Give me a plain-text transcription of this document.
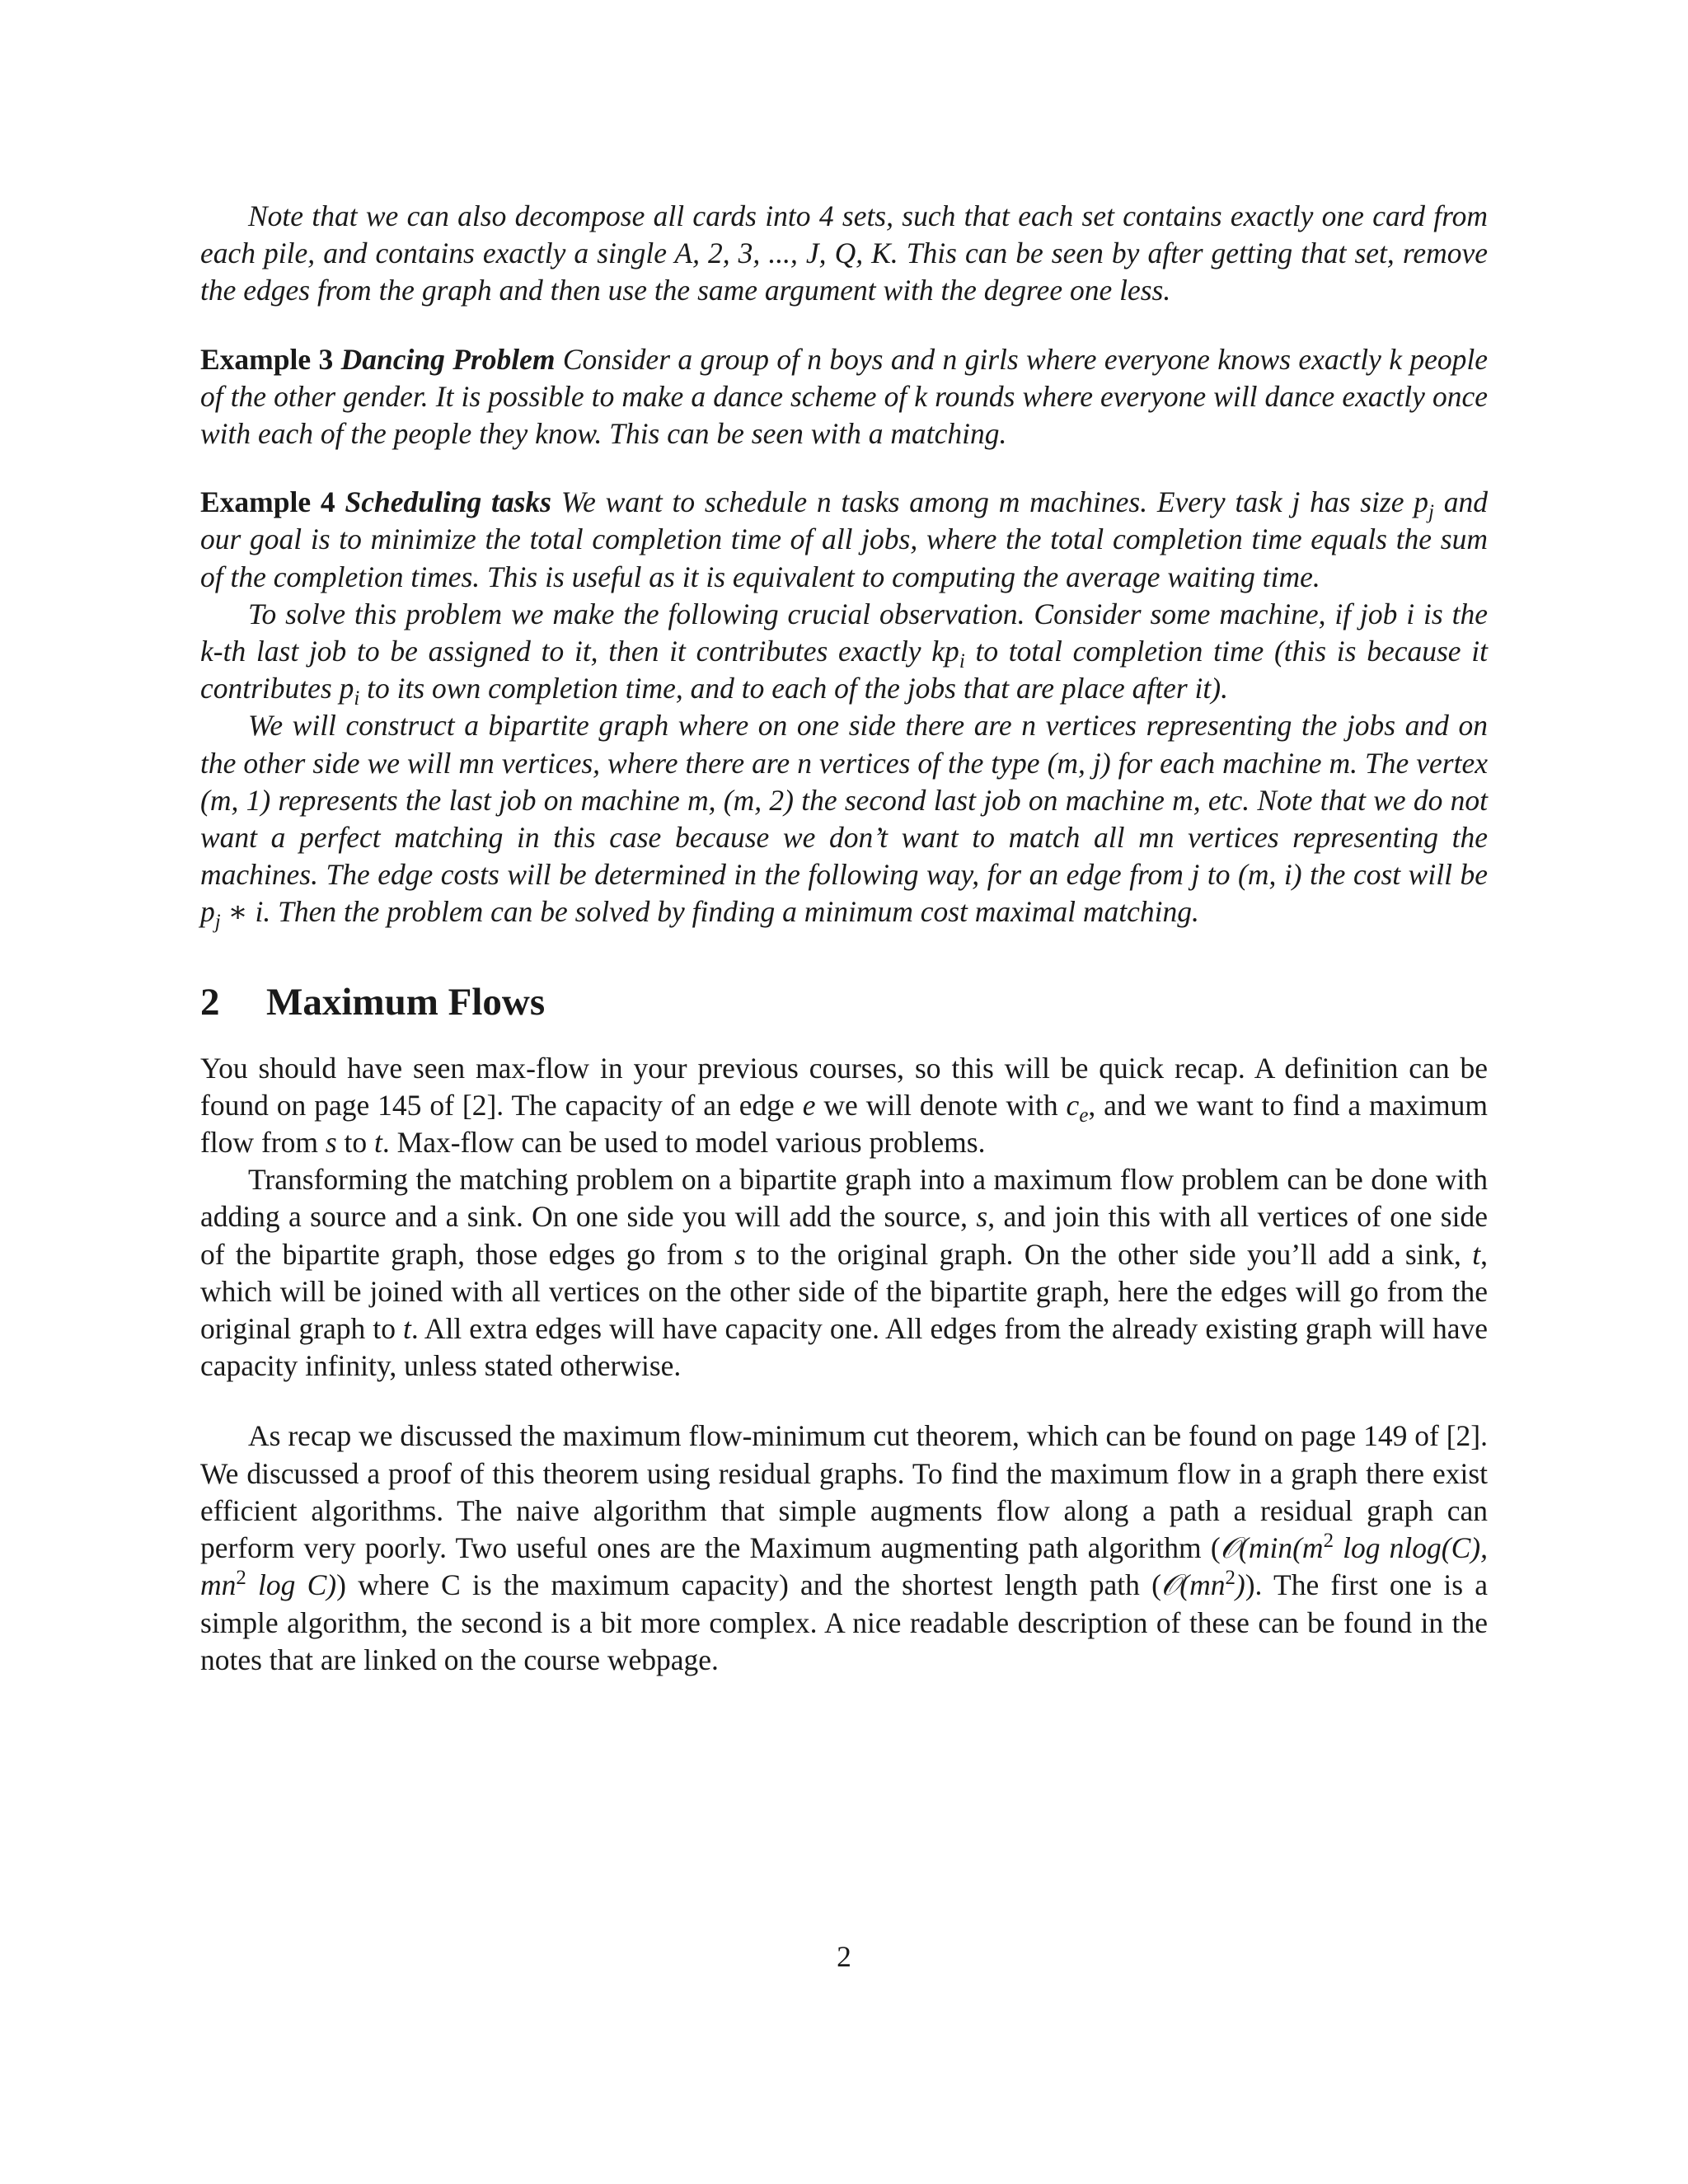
Note that we can also decompose all cards into 4 sets, such that each set contains exactly one card from each pile, and contains exactly a single A, 2, 3, ..., J, Q, K. This can be seen by after getting that set, remove the edges from the graph and then use the same argument with the degree one less.

Example 3 Dancing Problem Consider a group of n boys and n girls where everyone knows exactly k people of the other gender. It is possible to make a dance scheme of k rounds where everyone will dance exactly once with each of the people they know. This can be seen with a matching.

Example 4 Scheduling tasks We want to schedule n tasks among m machines. Every task j has size $p_j$ and our goal is to minimize the total completion time of all jobs, where the total completion time equals the sum of the completion times. This is useful as it is equivalent to computing the average waiting time.

To solve this problem we make the following crucial observation. Consider some machine, if job i is the k-th last job to be assigned to it, then it contributes exactly $kp_i$ to total completion time (this is because it contributes $p_i$ to its own completion time, and to each of the jobs that are place after it).

We will construct a bipartite graph where on one side there are n vertices representing the jobs and on the other side we will mn vertices, where there are n vertices of the type (m, j) for each machine m. The vertex (m, 1) represents the last job on machine m, (m, 2) the second last job on machine m, etc. Note that we do not want a perfect matching in this case because we don’t want to match all mn vertices representing the machines. The edge costs will be determined in the following way, for an edge from j to (m, i) the cost will be $p_j$ ∗ i. Then the problem can be solved by finding a minimum cost maximal matching.

2 Maximum Flows

You should have seen max-flow in your previous courses, so this will be quick recap. A definition can be found on page 145 of [2]. The capacity of an edge e we will denote with $c_e$, and we want to find a maximum flow from s to t. Max-flow can be used to model various problems.

Transforming the matching problem on a bipartite graph into a maximum flow problem can be done with adding a source and a sink. On one side you will add the source, s, and join this with all vertices of one side of the bipartite graph, those edges go from s to the original graph. On the other side you’ll add a sink, t, which will be joined with all vertices on the other side of the bipartite graph, here the edges will go from the original graph to t. All extra edges will have capacity one. All edges from the already existing graph will have capacity infinity, unless stated otherwise.

As recap we discussed the maximum flow-minimum cut theorem, which can be found on page 149 of [2]. We discussed a proof of this theorem using residual graphs. To find the maximum flow in a graph there exist efficient algorithms. The naive algorithm that simple augments flow along a path a residual graph can perform very poorly. Two useful ones are the Maximum augmenting path algorithm ($𝒪(\min(m^2$ log nlog(C), $mn^2$ log C)) where C is the maximum capacity) and the shortest length path $(𝒪(mn^2))$. The first one is a simple algorithm, the second is a bit more complex. A nice readable description of these can be found in the notes that are linked on the course webpage.

2
